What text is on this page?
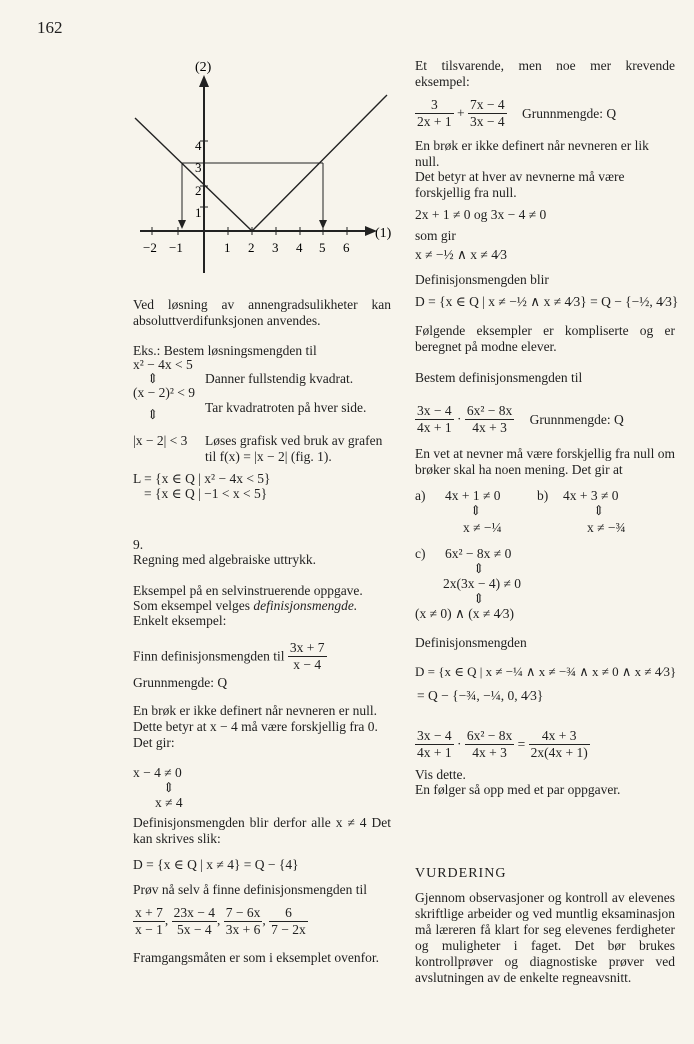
162
(2)
(1)
−2 −1	1 2 3 4 5 6
1
2
3
4
Ved løsning av annengradsulikheter kan absoluttverdifunksjonen anvendes.
Eks.: Bestem løsningsmengden til
x² − 4x < 5
⇕	Danner fullstendig kvadrat.
(x − 2)² < 9
Tar kvadratroten på hver side.
⇕
|x − 2| < 3 Løses grafisk ved bruk av grafen til f(x) = |x − 2| (fig. 1).
L = {x ∈ Q | x² − 4x < 5}
= {x ∈ Q | −1 < x < 5}
9.
Regning med algebraiske uttrykk.
Eksempel på en selvinstruerende oppgave.
Som eksempel velges definisjonsmengde.
Enkelt eksempel:
Finn definisjonsmengden til $\frac{3x + 7}{x - 4}$
Grunnmengde: Q
En brøk er ikke definert når nevneren er null. Dette betyr at x − 4 må være forskjellig fra 0. Det gir:
x − 4 ≠ 0
⇕
x ≠ 4
Definisjonsmengden blir derfor alle x ≠ 4 Det kan skrives slik:
D = {x ∈ Q | x ≠ 4} = Q − {4}
Prøv nå selv å finne definisjonsmengden til
$\frac{x + 7}{x - 1}$ , $\frac{23x - 4}{5x - 4}$ , $\frac{7 - 6x}{3x + 6}$ , $\frac{6}{7 - 2x}$
Framgangsmåten er som i eksemplet ovenfor.
Et tilsvarende, men noe mer krevende eksempel:
$\frac{3}{2x + 1} + \frac{7x - 4}{3x - 4}$ Grunnmengde: Q
En brøk er ikke definert når nevneren er lik null.
Det betyr at hver av nevnerne må være forskjellig fra null.
2x + 1 ≠ 0 og 3x − 4 ≠ 0
som gir
x ≠ −½ ∧ x ≠ 4⁄3
Definisjonsmengden blir
D = {x ∈ Q | x ≠ −½ ∧ x ≠ 4⁄3} = Q − {−½, 4⁄3}
Følgende eksempler er kompliserte og er beregnet på modne elever.
Bestem definisjonsmengden til
$\frac{3x - 4}{4x + 1} \cdot \frac{\text{6x² − 8x}}{4x + 3}$ Grunnmengde: Q
En vet at nevner må være forskjellig fra null om brøker skal ha noen mening. Det gir at
a) 4x + 1 ≠ 0
⇕
x ≠ −¼
b) 4x + 3 ≠ 0
⇕
x ≠ −¾
c) 6x² − 8x ≠ 0
⇕
2x(3x − 4) ≠ 0
⇕
(x ≠ 0) ∧ (x ≠ 4⁄3)
Definisjonsmengden
D = {x ∈ Q | x ≠ −¼ ∧ x ≠ −¾ ∧ x ≠ 0 ∧ x ≠ 4⁄3}
= Q − {−¾, −¼, 0, 4⁄3}
$\frac{3x - 4}{4x + 1} \cdot \frac{\text{6x² − 8x}}{4x + 3} = \frac{4x + 3}{2x(4x + 1)}$
Vis dette.
En følger så opp med et par oppgaver.
VURDERING
Gjennom observasjoner og kontroll av elevenes skriftlige arbeider og ved muntlig eksaminasjon må læreren få klart for seg elevenes ferdigheter og muligheter i faget. Det bør brukes kontrollprøver og diagnostiske prøver ved avslutningen av de enkelte regneavsnitt.
